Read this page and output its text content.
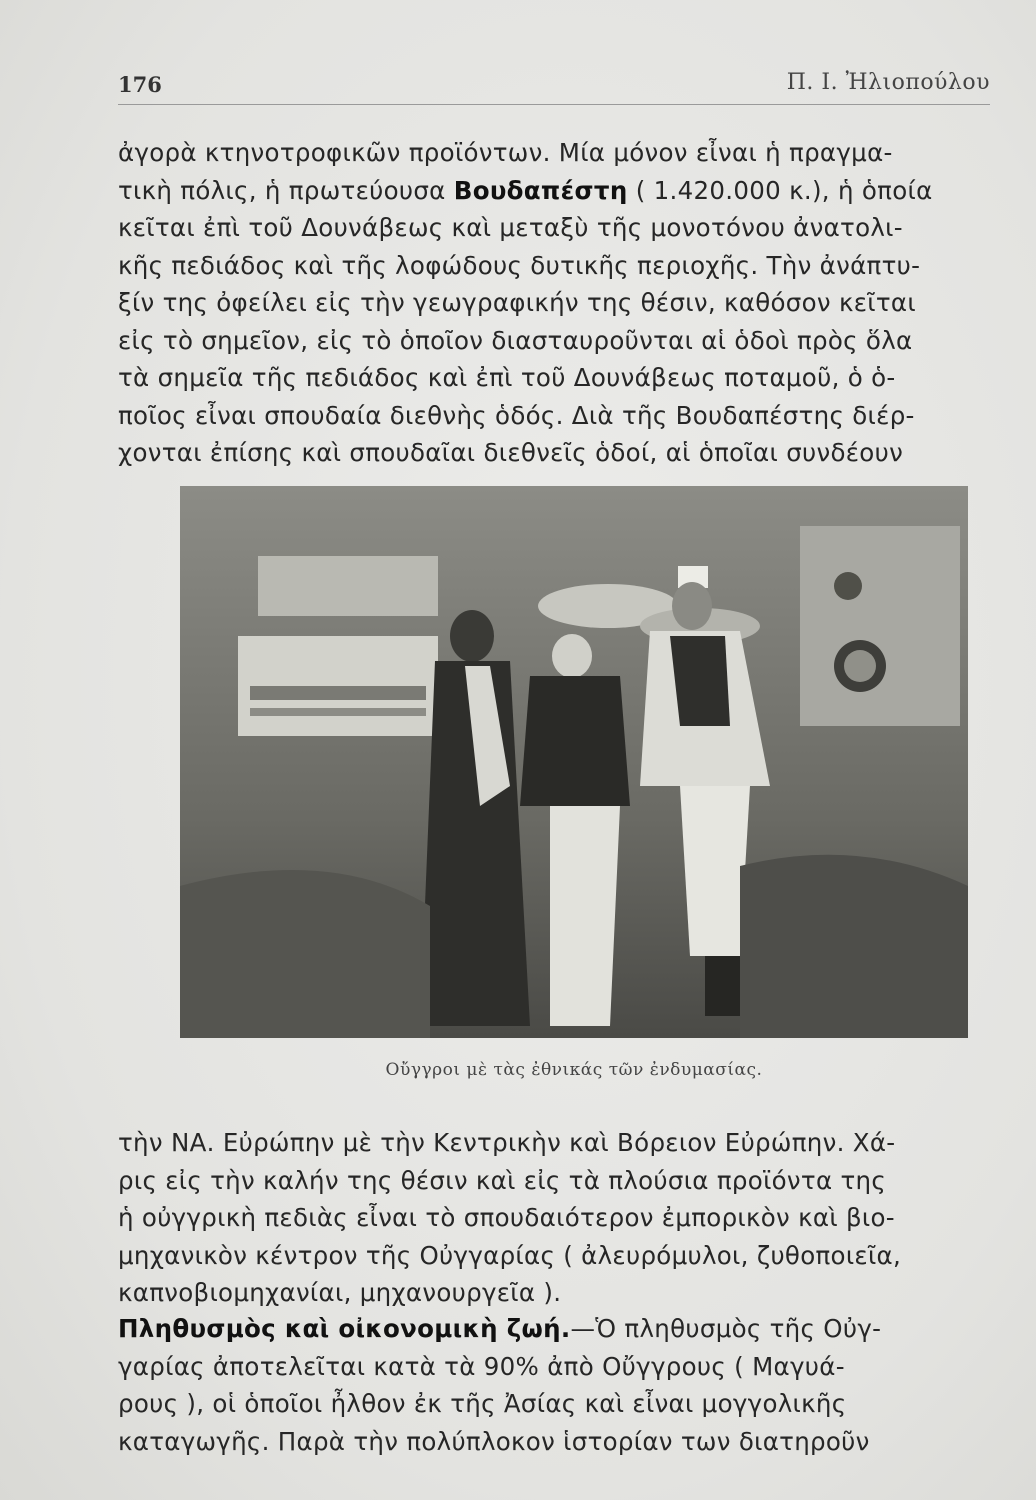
176	Π. Ι. Ἠλιοπούλου
ἀγορὰ κτηνοτροφικῶν προϊόντων. Μία μόνον εἶναι ἡ πραγμα-
τικὴ πόλις, ἡ πρωτεύουσα Βουδαπέστη ( 1.420.000 κ.), ἡ ὁποία
κεῖται ἐπὶ τοῦ Δουνάβεως καὶ μεταξὺ τῆς μονοτόνου ἀνατολι-
κῆς πεδιάδος καὶ τῆς λοφώδους δυτικῆς περιοχῆς. Τὴν ἀνάπτυ-
ξίν της ὀφείλει εἰς τὴν γεωγραφικήν της θέσιν, καθόσον κεῖται
εἰς τὸ σημεῖον, εἰς τὸ ὁποῖον διασταυροῦνται αἱ ὁδοὶ πρὸς ὅλα
τὰ σημεῖα τῆς πεδιάδος καὶ ἐπὶ τοῦ Δουνάβεως ποταμοῦ, ὁ ὁ-
ποῖος εἶναι σπουδαία διεθνὴς ὁδός. Διὰ τῆς Βουδαπέστης διέρ-
χονται ἐπίσης καὶ σπουδαῖαι διεθνεῖς ὁδοί, αἱ ὁποῖαι συνδέουν
Οὔγγροι μὲ τὰς ἐθνικάς τῶν ἐνδυμασίας.
τὴν ΝΑ. Εὐρώπην μὲ τὴν Κεντρικὴν καὶ Βόρειον Εὐρώπην. Χά-
ρις εἰς τὴν καλήν της θέσιν καὶ εἰς τὰ πλούσια προϊόντα της
ἡ οὐγγρικὴ πεδιὰς εἶναι τὸ σπουδαιότερον ἐμπορικὸν καὶ βιο-
μηχανικὸν κέντρον τῆς Οὐγγαρίας ( ἀλευρόμυλοι, ζυθοποιεῖα,
καπνοβιομηχανίαι, μηχανουργεῖα ).
Πληθυσμὸς καὶ οἰκονομικὴ ζωή.—Ὁ πληθυσμὸς τῆς Οὐγ-
γαρίας ἀποτελεῖται κατὰ τὰ 90% ἀπὸ Οὔγγρους ( Μαγυά-
ρους ), οἱ ὁποῖοι ἦλθον ἐκ τῆς Ἀσίας καὶ εἶναι μογγολικῆς
καταγωγῆς. Παρὰ τὴν πολύπλοκον ἱστορίαν των διατηροῦν
